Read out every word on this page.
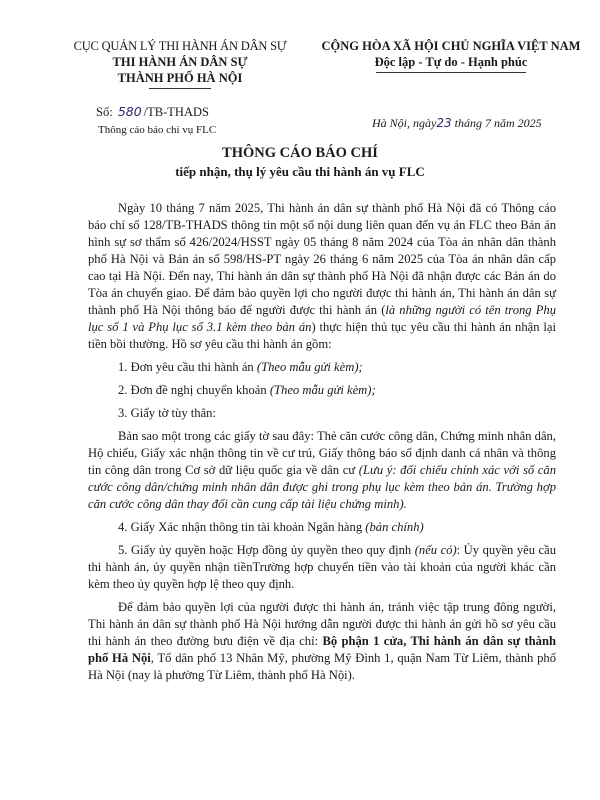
CỤC QUẢN LÝ THI HÀNH ÁN DÂN SỰ
THI HÀNH ÁN DÂN SỰ
THÀNH PHỐ HÀ NỘI
CỘNG HÒA XÃ HỘI CHỦ NGHĨA VIỆT NAM
Độc lập - Tự do - Hạnh phúc
Số: 580 /TB-THADS
Thông cáo báo chí vụ FLC	Hà Nội, ngày23 tháng 7 năm 2025
THÔNG CÁO BÁO CHÍ
tiếp nhận, thụ lý yêu cầu thi hành án vụ FLC

Ngày 10 tháng 7 năm 2025, Thi hành án dân sự thành phố Hà Nội đã có Thông cáo báo chí số 128/TB-THADS thông tin một số nội dung liên quan đến vụ án FLC theo Bản án hình sự sơ thẩm số 426/2024/HSST ngày 05 tháng 8 năm 2024 của Tòa án nhân dân thành phố Hà Nội và Bản án số 598/HS-PT ngày 26 tháng 6 năm 2025 của Tòa án nhân dân cấp cao tại Hà Nội. Đến nay, Thi hành án dân sự thành phố Hà Nội đã nhận được các Bản án do Tòa án chuyển giao. Để đảm bảo quyền lợi cho người được thi hành án, Thi hành án dân sự thành phố Hà Nội thông báo để người được thi hành án (là những người có tên trong Phụ lục số 1 và Phụ lục số 3.1 kèm theo bản án) thực hiện thủ tục yêu cầu thi hành án nhận lại tiền bồi thường. Hồ sơ yêu cầu thi hành án gồm:

1. Đơn yêu cầu thi hành án (Theo mẫu gửi kèm);

2. Đơn đề nghị chuyển khoản (Theo mẫu gửi kèm);

3. Giấy tờ tùy thân:

Bản sao một trong các giấy tờ sau đây: Thẻ căn cước công dân, Chứng minh nhân dân, Hộ chiếu, Giấy xác nhận thông tin về cư trú, Giấy thông báo số định danh cá nhân và thông tin công dân trong Cơ sở dữ liệu quốc gia về dân cư (Lưu ý: đối chiếu chính xác với số căn cước công dân/chứng minh nhân dân được ghi trong phụ lục kèm theo bản án. Trường hợp căn cước công dân thay đổi cần cung cấp tài liệu chứng minh).

4. Giấy Xác nhận thông tin tài khoản Ngân hàng (bản chính)

5. Giấy ủy quyền hoặc Hợp đồng ủy quyền theo quy định (nếu có): Ủy quyền yêu cầu thi hành án, ủy quyền nhận tiềnTrường hợp chuyển tiền vào tài khoản của người khác cần kèm theo ủy quyền hợp lệ theo quy định.

Để đảm bảo quyền lợi của người được thi hành án, tránh việc tập trung đông người, Thi hành án dân sự thành phố Hà Nội hướng dẫn người được thi hành án gửi hồ sơ yêu cầu thi hành án theo đường bưu điện về địa chỉ: Bộ phận 1 cửa, Thi hành án dân sự thành phố Hà Nội, Tổ dân phố 13 Nhân Mỹ, phường Mỹ Đình 1, quận Nam Từ Liêm, thành phố Hà Nội (nay là phường Từ Liêm, thành phố Hà Nội).
